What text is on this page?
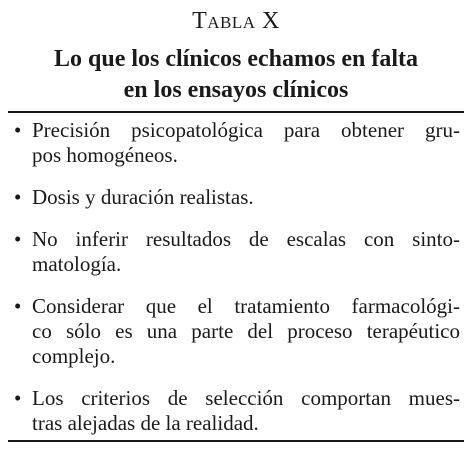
Tabla X
Lo que los clínicos echamos en falta
en los ensayos clínicos
• Precisión psicopatológica para obtener gru-
pos homogéneos.
• Dosis y duración realistas.
• No inferir resultados de escalas con sinto-
matología.
• Considerar que el tratamiento farmacológi-
co sólo es una parte del proceso terapéutico
complejo.
• Los criterios de selección comportan mues-
tras alejadas de la realidad.
